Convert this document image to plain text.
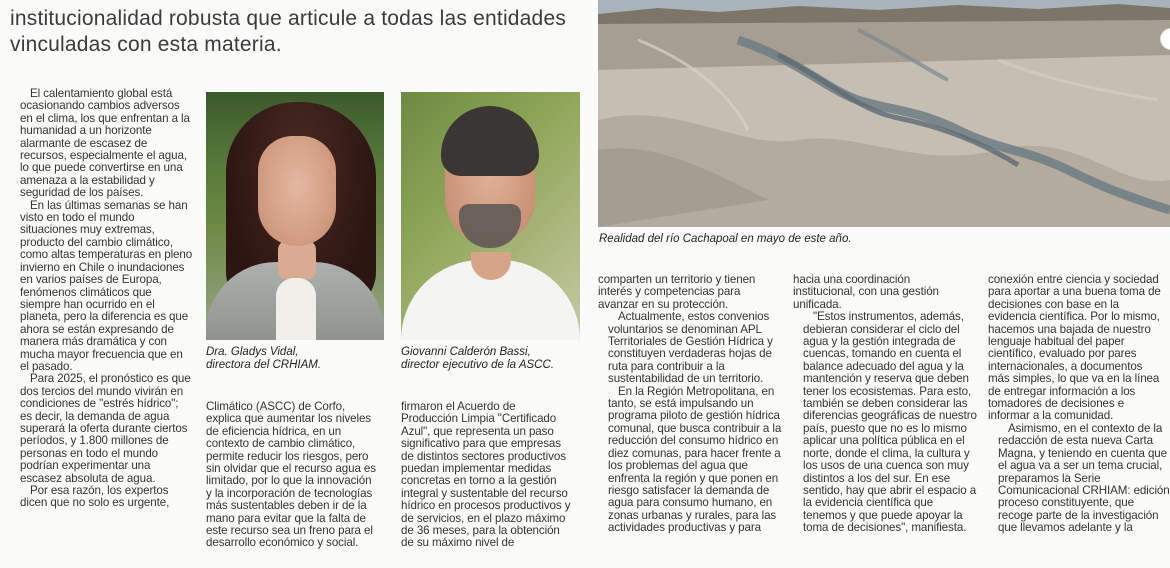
institucionalidad robusta que articule a todas las entidades
vinculadas con esta materia.

El calentamiento global está
ocasionando cambios adversos
en el clima, los que enfrentan a la
humanidad a un horizonte
alarmante de escasez de
recursos, especialmente el agua,
lo que puede convertirse en una
amenaza a la estabilidad y
seguridad de los países.

En las últimas semanas se han
visto en todo el mundo
situaciones muy extremas,
producto del cambio climático,
como altas temperaturas en pleno
invierno en Chile o inundaciones
en varios países de Europa,
fenómenos climáticos que
siempre han ocurrido en el
planeta, pero la diferencia es que
ahora se están expresando de
manera más dramática y con
mucha mayor frecuencia que en
el pasado.

Para 2025, el pronóstico es que
dos tercios del mundo vivirán en
condiciones de "estrés hídrico";
es decir, la demanda de agua
superará la oferta durante ciertos
períodos, y 1.800 millones de
personas en todo el mundo
podrían experimentar una
escasez absoluta de agua.

Por esa razón, los expertos
dicen que no solo es urgente,

Dra. Gladys Vidal,
directora del CRHIAM.
Giovanni Calderón Bassi,
director ejecutivo de la ASCC.

Climático (ASCC) de Corfo,
explica que aumentar los niveles
de eficiencia hídrica, en un
contexto de cambio climático,
permite reducir los riesgos, pero
sin olvidar que el recurso agua es
limitado, por lo que la innovación
y la incorporación de tecnologías
más sustentables deben ir de la
mano para evitar que la falta de
este recurso sea un freno para el
desarrollo económico y social.

firmaron el Acuerdo de
Producción Limpia "Certificado
Azul", que representa un paso
significativo para que empresas
de distintos sectores productivos
puedan implementar medidas
concretas en torno a la gestión
integral y sustentable del recurso
hídrico en procesos productivos y
de servicios, en el plazo máximo
de 36 meses, para la obtención
de su máximo nivel de

Realidad del río Cachapoal en mayo de este año.

comparten un territorio y tienen
interés y competencias para
avanzar en su protección.

Actualmente, estos convenios
voluntarios se denominan APL
Territoriales de Gestión Hídrica y
constituyen verdaderas hojas de
ruta para contribuir a la
sustentabilidad de un territorio.

En la Región Metropolitana, en
tanto, se está impulsando un
programa piloto de gestión hídrica
comunal, que busca contribuir a la
reducción del consumo hídrico en
diez comunas, para hacer frente a
los problemas del agua que
enfrenta la región y que ponen en
riesgo satisfacer la demanda de
agua para consumo humano, en
zonas urbanas y rurales, para las
actividades productivas y para

hacia una coordinación
institucional, con una gestión
unificada.

"Estos instrumentos, además,
debieran considerar el ciclo del
agua y la gestión integrada de
cuencas, tomando en cuenta el
balance adecuado del agua y la
mantención y reserva que deben
tener los ecosistemas. Para esto,
también se deben considerar las
diferencias geográficas de nuestro
país, puesto que no es lo mismo
aplicar una política pública en el
norte, donde el clima, la cultura y
los usos de una cuenca son muy
distintos a los del sur. En ese
sentido, hay que abrir el espacio a
la evidencia científica que
tenemos y que puede apoyar la
toma de decisiones", manifiesta.

conexión entre ciencia y sociedad
para aportar a una buena toma de
decisiones con base en la
evidencia científica. Por lo mismo,
hacemos una bajada de nuestro
lenguaje habitual del paper
científico, evaluado por pares
internacionales, a documentos
más simples, lo que va en la línea
de entregar información a los
tomadores de decisiones e
informar a la comunidad.

Asimismo, en el contexto de la
redacción de esta nueva Carta
Magna, y teniendo en cuenta que
el agua va a ser un tema crucial,
preparamos la Serie
Comunicacional CRHIAM: edición
proceso constituyente, que
recoge parte de la investigación
que llevamos adelante y la
